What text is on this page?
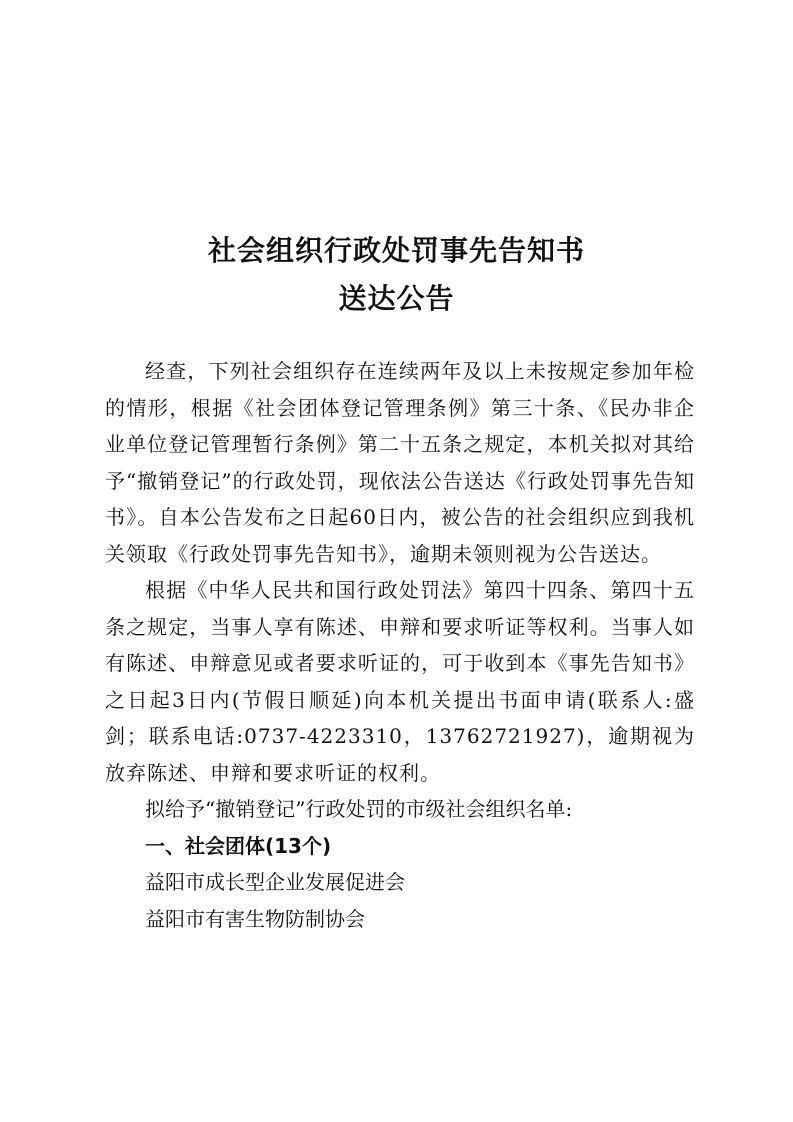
社会组织行政处罚事先告知书
送达公告

经查，下列社会组织存在连续两年及以上未按规定参加年检的情形，根据《社会团体登记管理条例》第三十条、《民办非企业单位登记管理暂行条例》第二十五条之规定，本机关拟对其给予“撤销登记”的行政处罚，现依法公告送达《行政处罚事先告知书》。自本公告发布之日起60日内，被公告的社会组织应到我机关领取《行政处罚事先告知书》，逾期未领则视为公告送达。

根据《中华人民共和国行政处罚法》第四十四条、第四十五条之规定，当事人享有陈述、申辩和要求听证等权利。当事人如有陈述、申辩意见或者要求听证的，可于收到本《事先告知书》之日起3日内(节假日顺延)向本机关提出书面申请(联系人:盛剑；联系电话:0737-4223310，13762721927)，逾期视为放弃陈述、申辩和要求听证的权利。

拟给予“撤销登记”行政处罚的市级社会组织名单:

一、社会团体(13个)

益阳市成长型企业发展促进会

益阳市有害生物防制协会
